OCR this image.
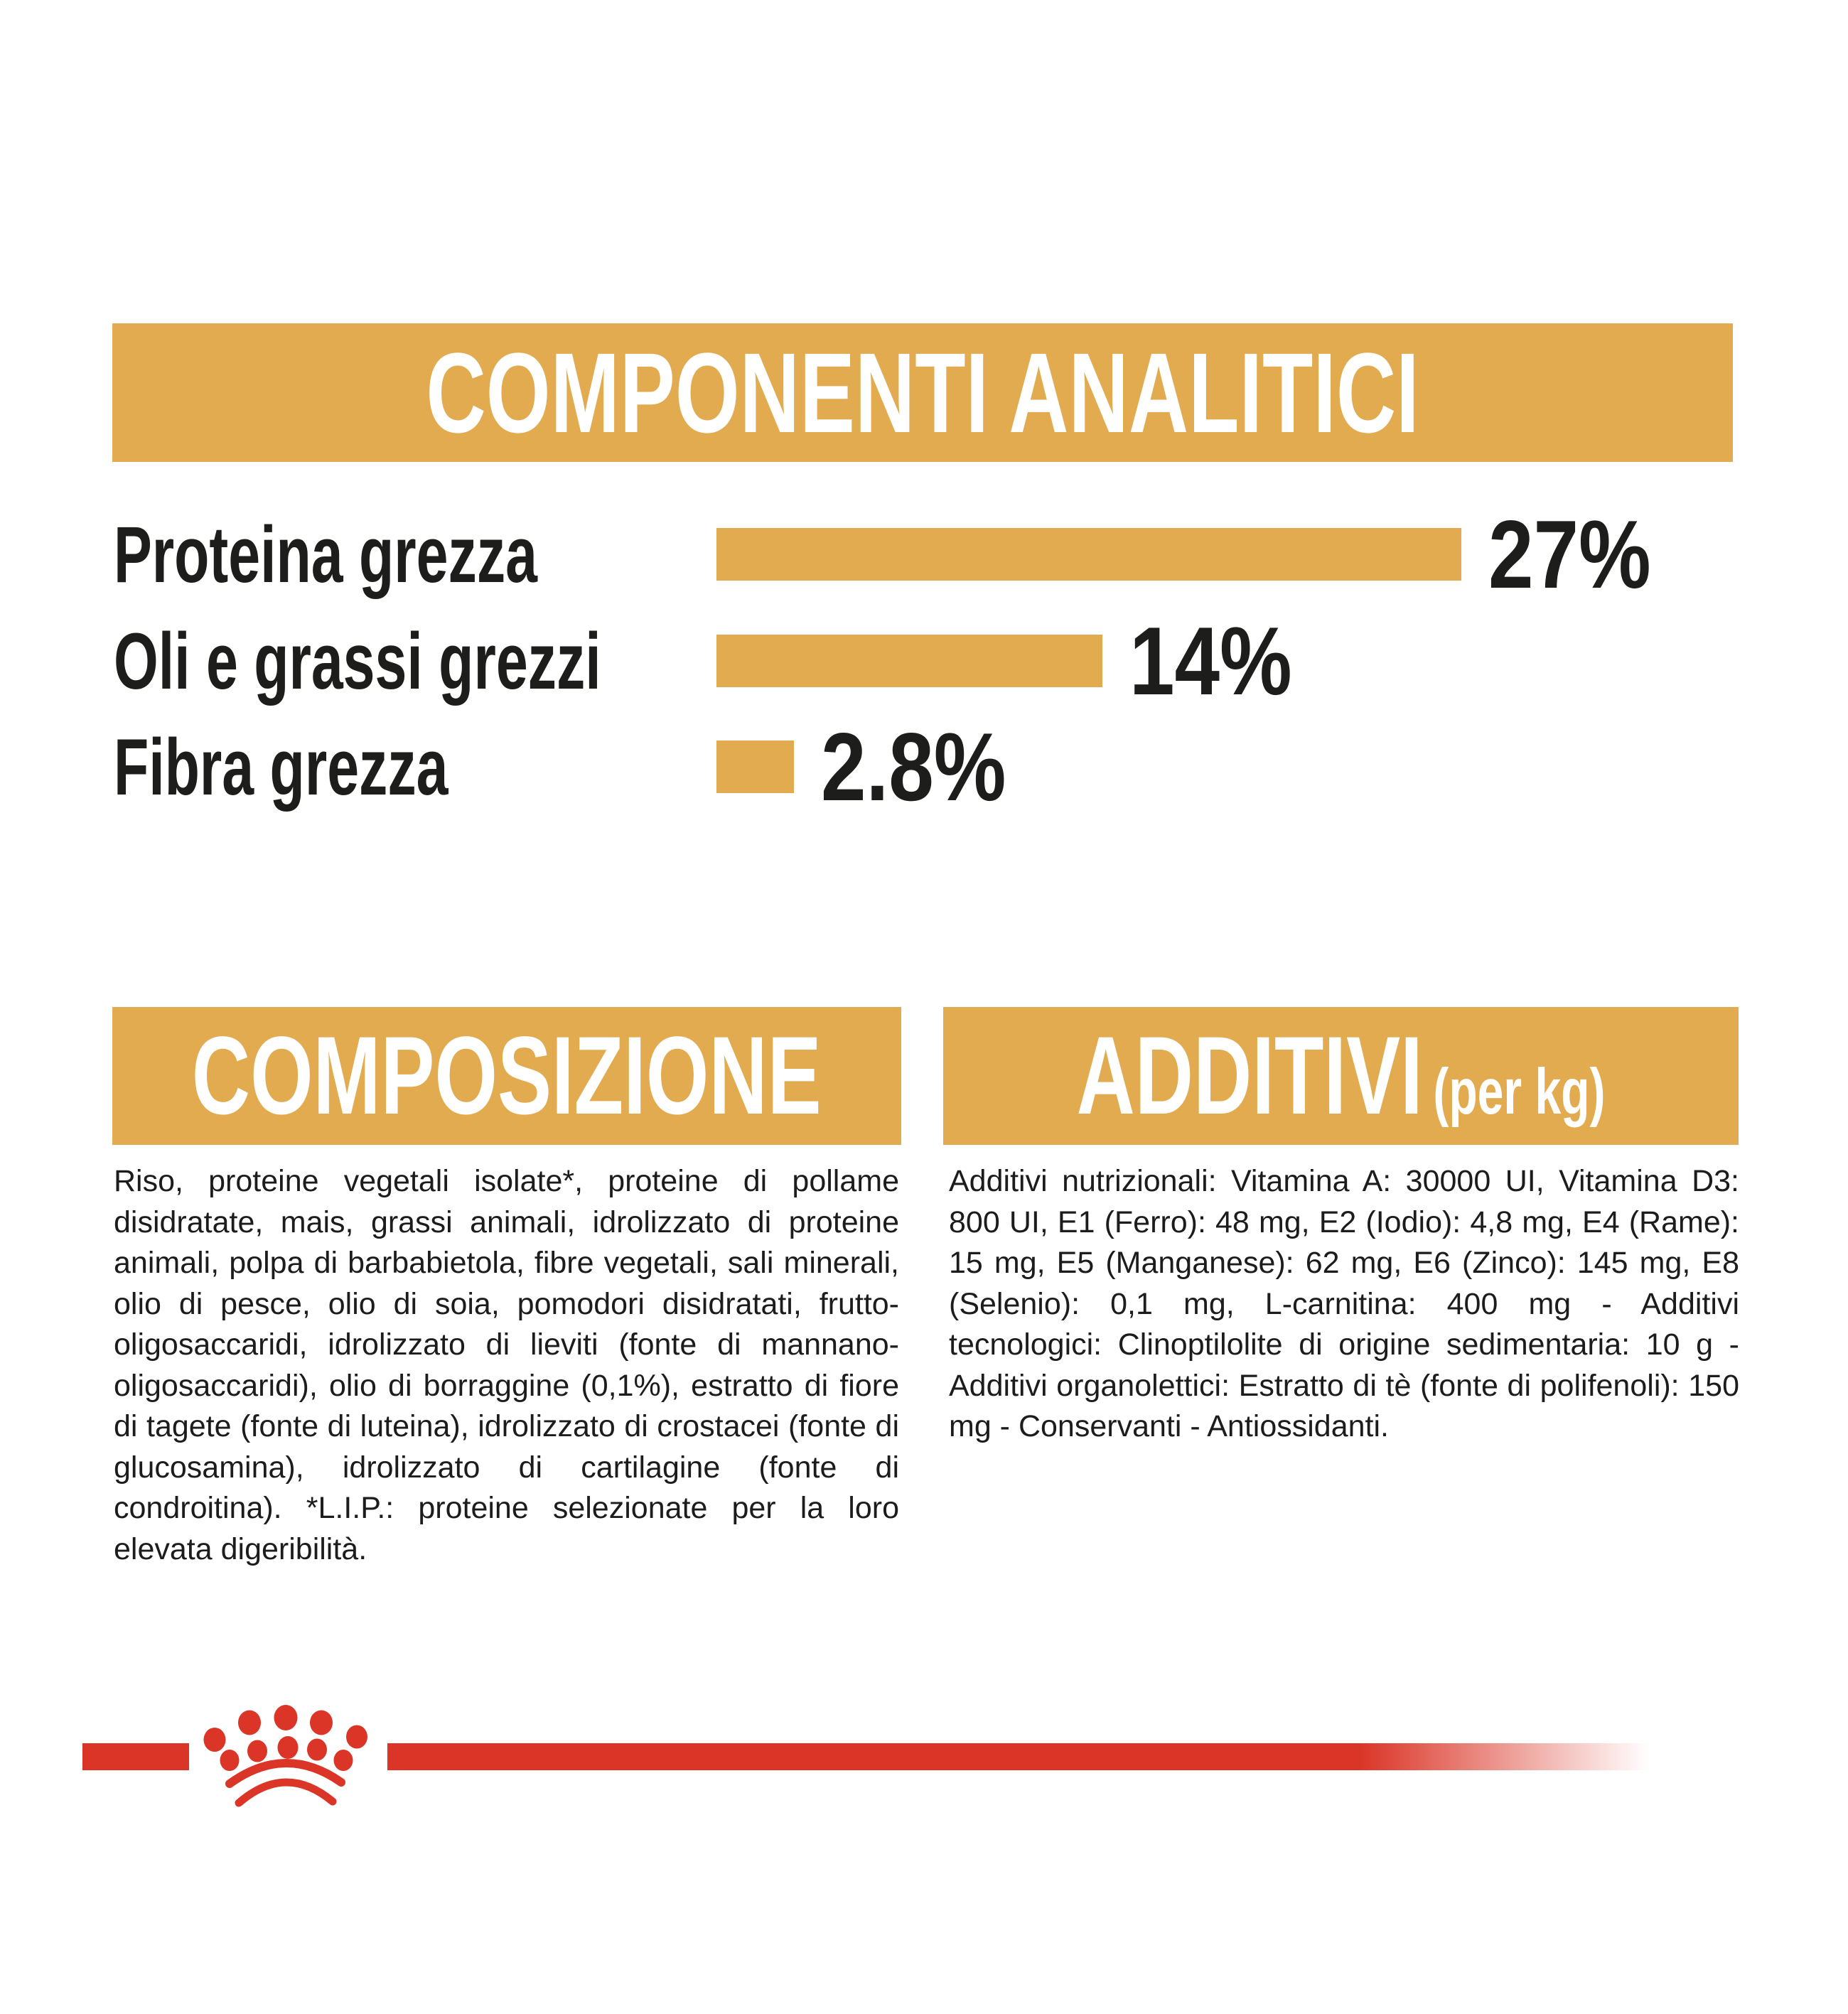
COMPONENTI ANALITICI
Proteina grezza	27%
Oli e grassi grezzi	14%
Fibra grezza	2.8%
COMPOSIZIONE
Riso, proteine vegetali isolate*, proteine di pollame disidratate, mais, grassi animali, idrolizzato di proteine animali, polpa di barbabietola, fibre vegetali, sali minerali, olio di pesce, olio di soia, pomodori disidratati, frutto-oligosaccaridi, idrolizzato di lieviti (fonte di mannano-oligosaccaridi), olio di borraggine (0,1%), estratto di fiore di tagete (fonte di luteina), idrolizzato di crostacei (fonte di glucosamina), idrolizzato di cartilagine (fonte di condroitina). *L.I.P.: proteine selezionate per la loro elevata digeribilità.
ADDITIVI (per kg)
Additivi nutrizionali: Vitamina A: 30000 UI, Vitamina D3: 800 UI, E1 (Ferro): 48 mg, E2 (Iodio): 4,8 mg, E4 (Rame): 15 mg, E5 (Manganese): 62 mg, E6 (Zinco): 145 mg, E8 (Selenio): 0,1 mg, L-carnitina: 400 mg - Additivi tecnologici: Clinoptilolite di origine sedimentaria: 10 g - Additivi organolettici: Estratto di tè (fonte di polifenoli): 150 mg - Conservanti - Antiossidanti.
